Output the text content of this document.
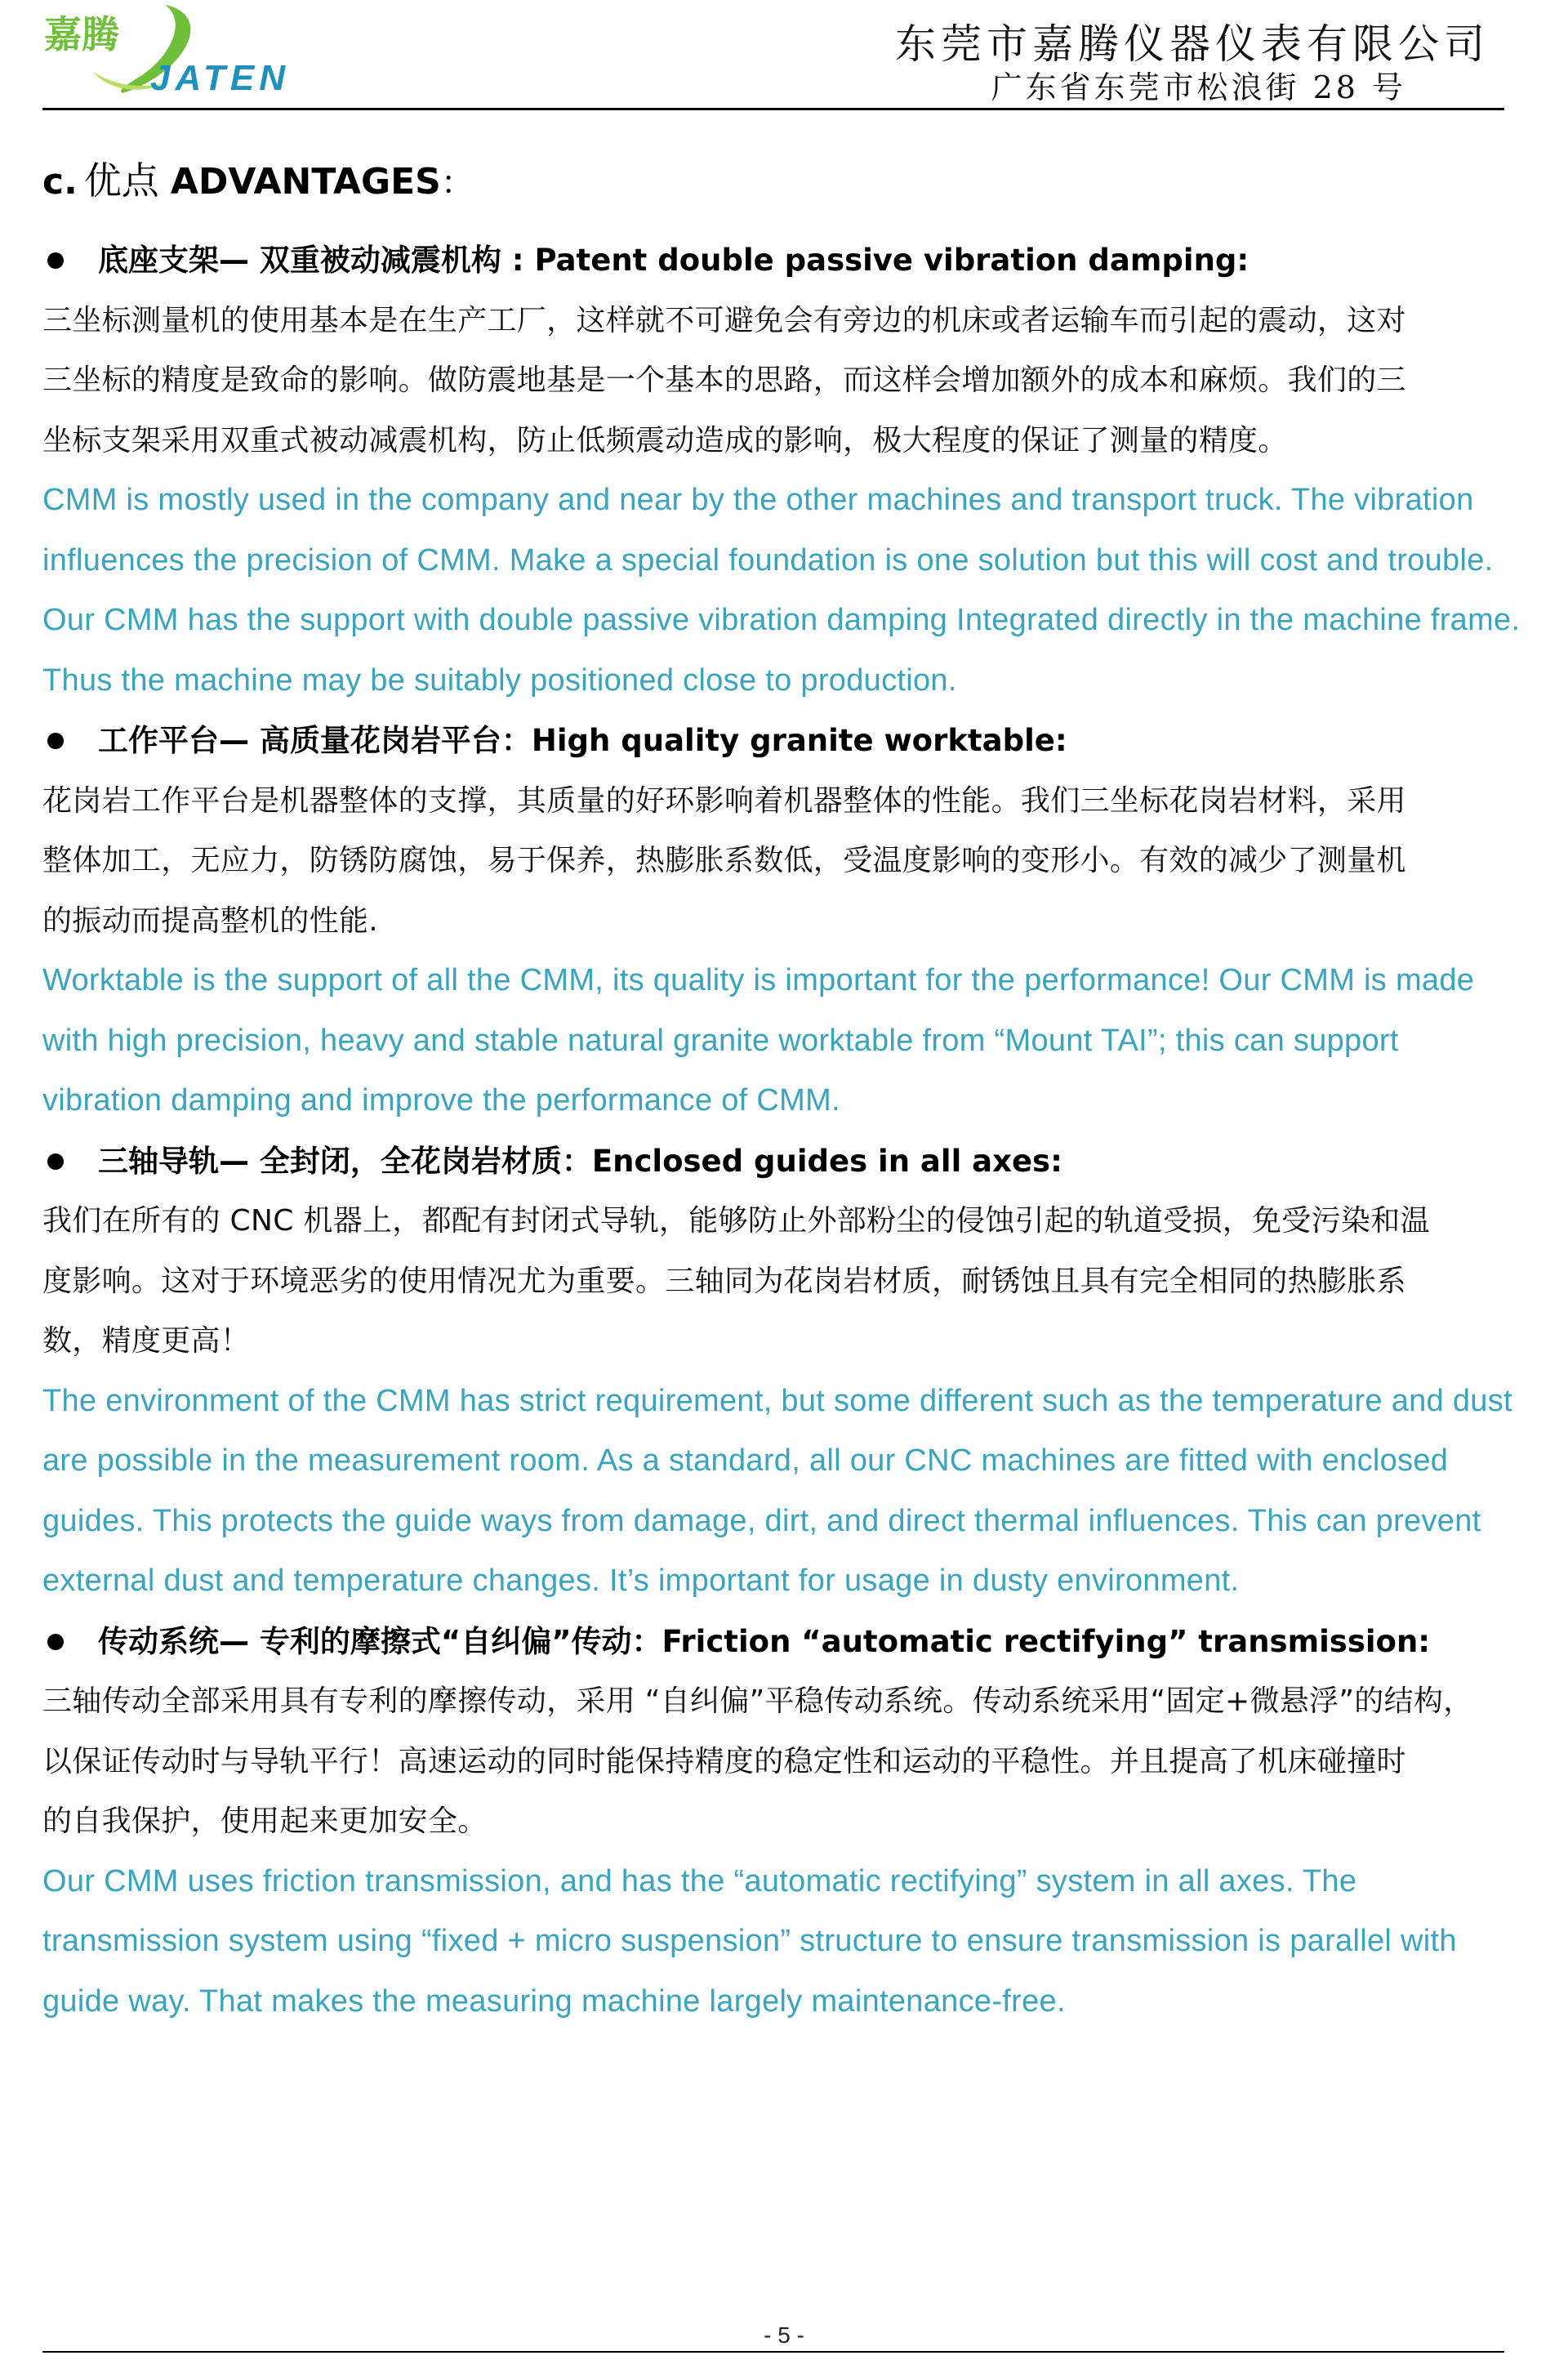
嘉腾
JATEN
东莞市嘉腾仪器仪表有限公司
广东省东莞市松浪街 28 号
c. 优点 ADVANTAGES：
底座支架— 双重被动减震机构 : Patent double passive vibration damping:
三坐标测量机的使用基本是在生产工厂，这样就不可避免会有旁边的机床或者运输车而引起的震动，这对
三坐标的精度是致命的影响。做防震地基是一个基本的思路，而这样会增加额外的成本和麻烦。我们的三
坐标支架采用双重式被动减震机构，防止低频震动造成的影响，极大程度的保证了测量的精度。
CMM is mostly used in the company and near by the other machines and transport truck. The vibration
influences the precision of CMM. Make a special foundation is one solution but this will cost and trouble.
Our CMM has the support with double passive vibration damping Integrated directly in the machine frame.
Thus the machine may be suitably positioned close to production.
工作平台— 高质量花岗岩平台：High quality granite worktable:
花岗岩工作平台是机器整体的支撑，其质量的好环影响着机器整体的性能。我们三坐标花岗岩材料，采用
整体加工，无应力，防锈防腐蚀，易于保养，热膨胀系数低，受温度影响的变形小。有效的减少了测量机
的振动而提高整机的性能.
Worktable is the support of all the CMM, its quality is important for the performance! Our CMM is made
with high precision, heavy and stable natural granite worktable from “Mount TAI”; this can support
vibration damping and improve the performance of CMM.
三轴导轨— 全封闭，全花岗岩材质：Enclosed guides in all axes:
我们在所有的 CNC 机器上，都配有封闭式导轨，能够防止外部粉尘的侵蚀引起的轨道受损，免受污染和温
度影响。这对于环境恶劣的使用情况尤为重要。三轴同为花岗岩材质，耐锈蚀且具有完全相同的热膨胀系
数，精度更高！
The environment of the CMM has strict requirement, but some different such as the temperature and dust
are possible in the measurement room. As a standard, all our CNC machines are fitted with enclosed
guides. This protects the guide ways from damage, dirt, and direct thermal influences. This can prevent
external dust and temperature changes. It’s important for usage in dusty environment.
传动系统— 专利的摩擦式“自纠偏”传动：Friction “automatic rectifying” transmission:
三轴传动全部采用具有专利的摩擦传动，采用 “自纠偏”平稳传动系统。传动系统采用“固定+微悬浮”的结构，
以保证传动时与导轨平行！高速运动的同时能保持精度的稳定性和运动的平稳性。并且提高了机床碰撞时
的自我保护，使用起来更加安全。
Our CMM uses friction transmission, and has the “automatic rectifying” system in all axes. The
transmission system using “fixed + micro suspension” structure to ensure transmission is parallel with
guide way. That makes the measuring machine largely maintenance-free.
- 5 -
